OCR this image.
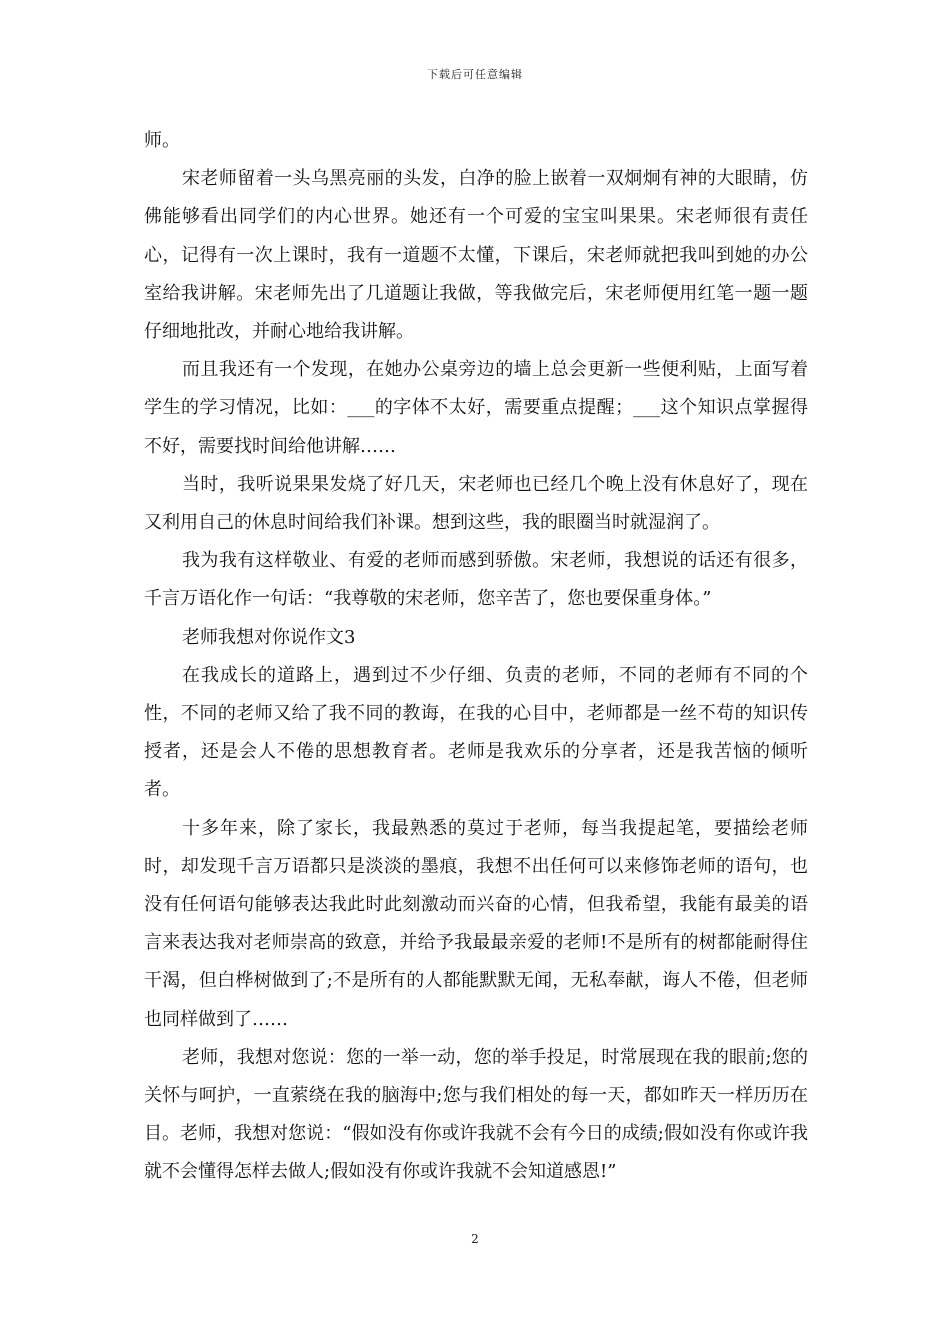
下载后可任意编辑

师。

宋老师留着一头乌黑亮丽的头发，白净的脸上嵌着一双炯炯有神的大眼睛，仿佛能够看出同学们的内心世界。她还有一个可爱的宝宝叫果果。宋老师很有责任心，记得有一次上课时，我有一道题不太懂，下课后，宋老师就把我叫到她的办公室给我讲解。宋老师先出了几道题让我做，等我做完后，宋老师便用红笔一题一题仔细地批改，并耐心地给我讲解。

而且我还有一个发现，在她办公桌旁边的墙上总会更新一些便利贴，上面写着学生的学习情况，比如：___的字体不太好，需要重点提醒；___这个知识点掌握得不好，需要找时间给他讲解……

当时，我听说果果发烧了好几天，宋老师也已经几个晚上没有休息好了，现在又利用自己的休息时间给我们补课。想到这些，我的眼圈当时就湿润了。

我为我有这样敬业、有爱的老师而感到骄傲。宋老师，我想说的话还有很多，千言万语化作一句话：“我尊敬的宋老师，您辛苦了，您也要保重身体。”

老师我想对你说作文3

在我成长的道路上，遇到过不少仔细、负责的老师，不同的老师有不同的个性，不同的老师又给了我不同的教诲，在我的心目中，老师都是一丝不苟的知识传授者，还是会人不倦的思想教育者。老师是我欢乐的分享者，还是我苦恼的倾听者。

十多年来，除了家长，我最熟悉的莫过于老师，每当我提起笔，要描绘老师时，却发现千言万语都只是淡淡的墨痕，我想不出任何可以来修饰老师的语句，也没有任何语句能够表达我此时此刻激动而兴奋的心情，但我希望，我能有最美的语言来表达我对老师崇高的致意，并给予我最最亲爱的老师!不是所有的树都能耐得住干渴，但白桦树做到了;不是所有的人都能默默无闻，无私奉献，诲人不倦，但老师也同样做到了……

老师，我想对您说：您的一举一动，您的举手投足，时常展现在我的眼前;您的关怀与呵护，一直萦绕在我的脑海中;您与我们相处的每一天，都如昨天一样历历在目。老师，我想对您说：“假如没有你或许我就不会有今日的成绩;假如没有你或许我就不会懂得怎样去做人;假如没有你或许我就不会知道感恩!”

2
